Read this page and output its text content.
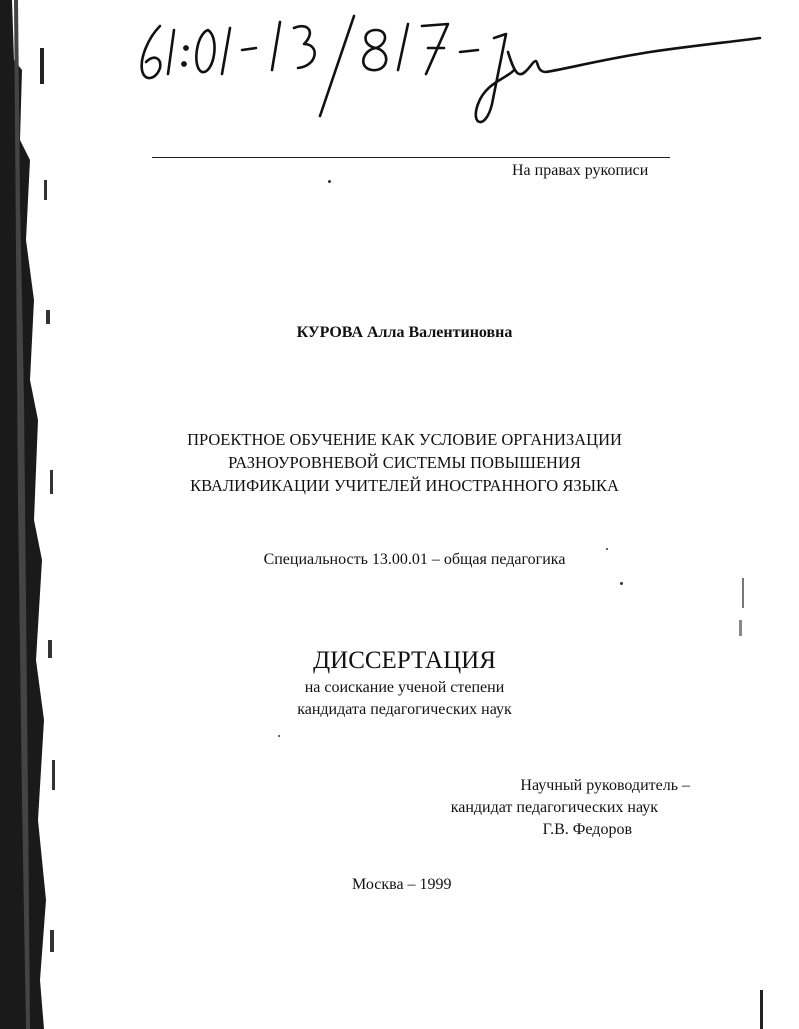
На правах рукописи
КУРОВА Алла Валентиновна
ПРОЕКТНОЕ ОБУЧЕНИЕ КАК УСЛОВИЕ ОРГАНИЗАЦИИ
РАЗНОУРОВНЕВОЙ СИСТЕМЫ ПОВЫШЕНИЯ
КВАЛИФИКАЦИИ УЧИТЕЛЕЙ ИНОСТРАННОГО ЯЗЫКА
Специальность 13.00.01 – общая педагогика
ДИССЕРТАЦИЯ
на соискание ученой степени
кандидата педагогических наук
Научный руководитель –
кандидат педагогических наук
Г.В. Федоров
Москва – 1999
